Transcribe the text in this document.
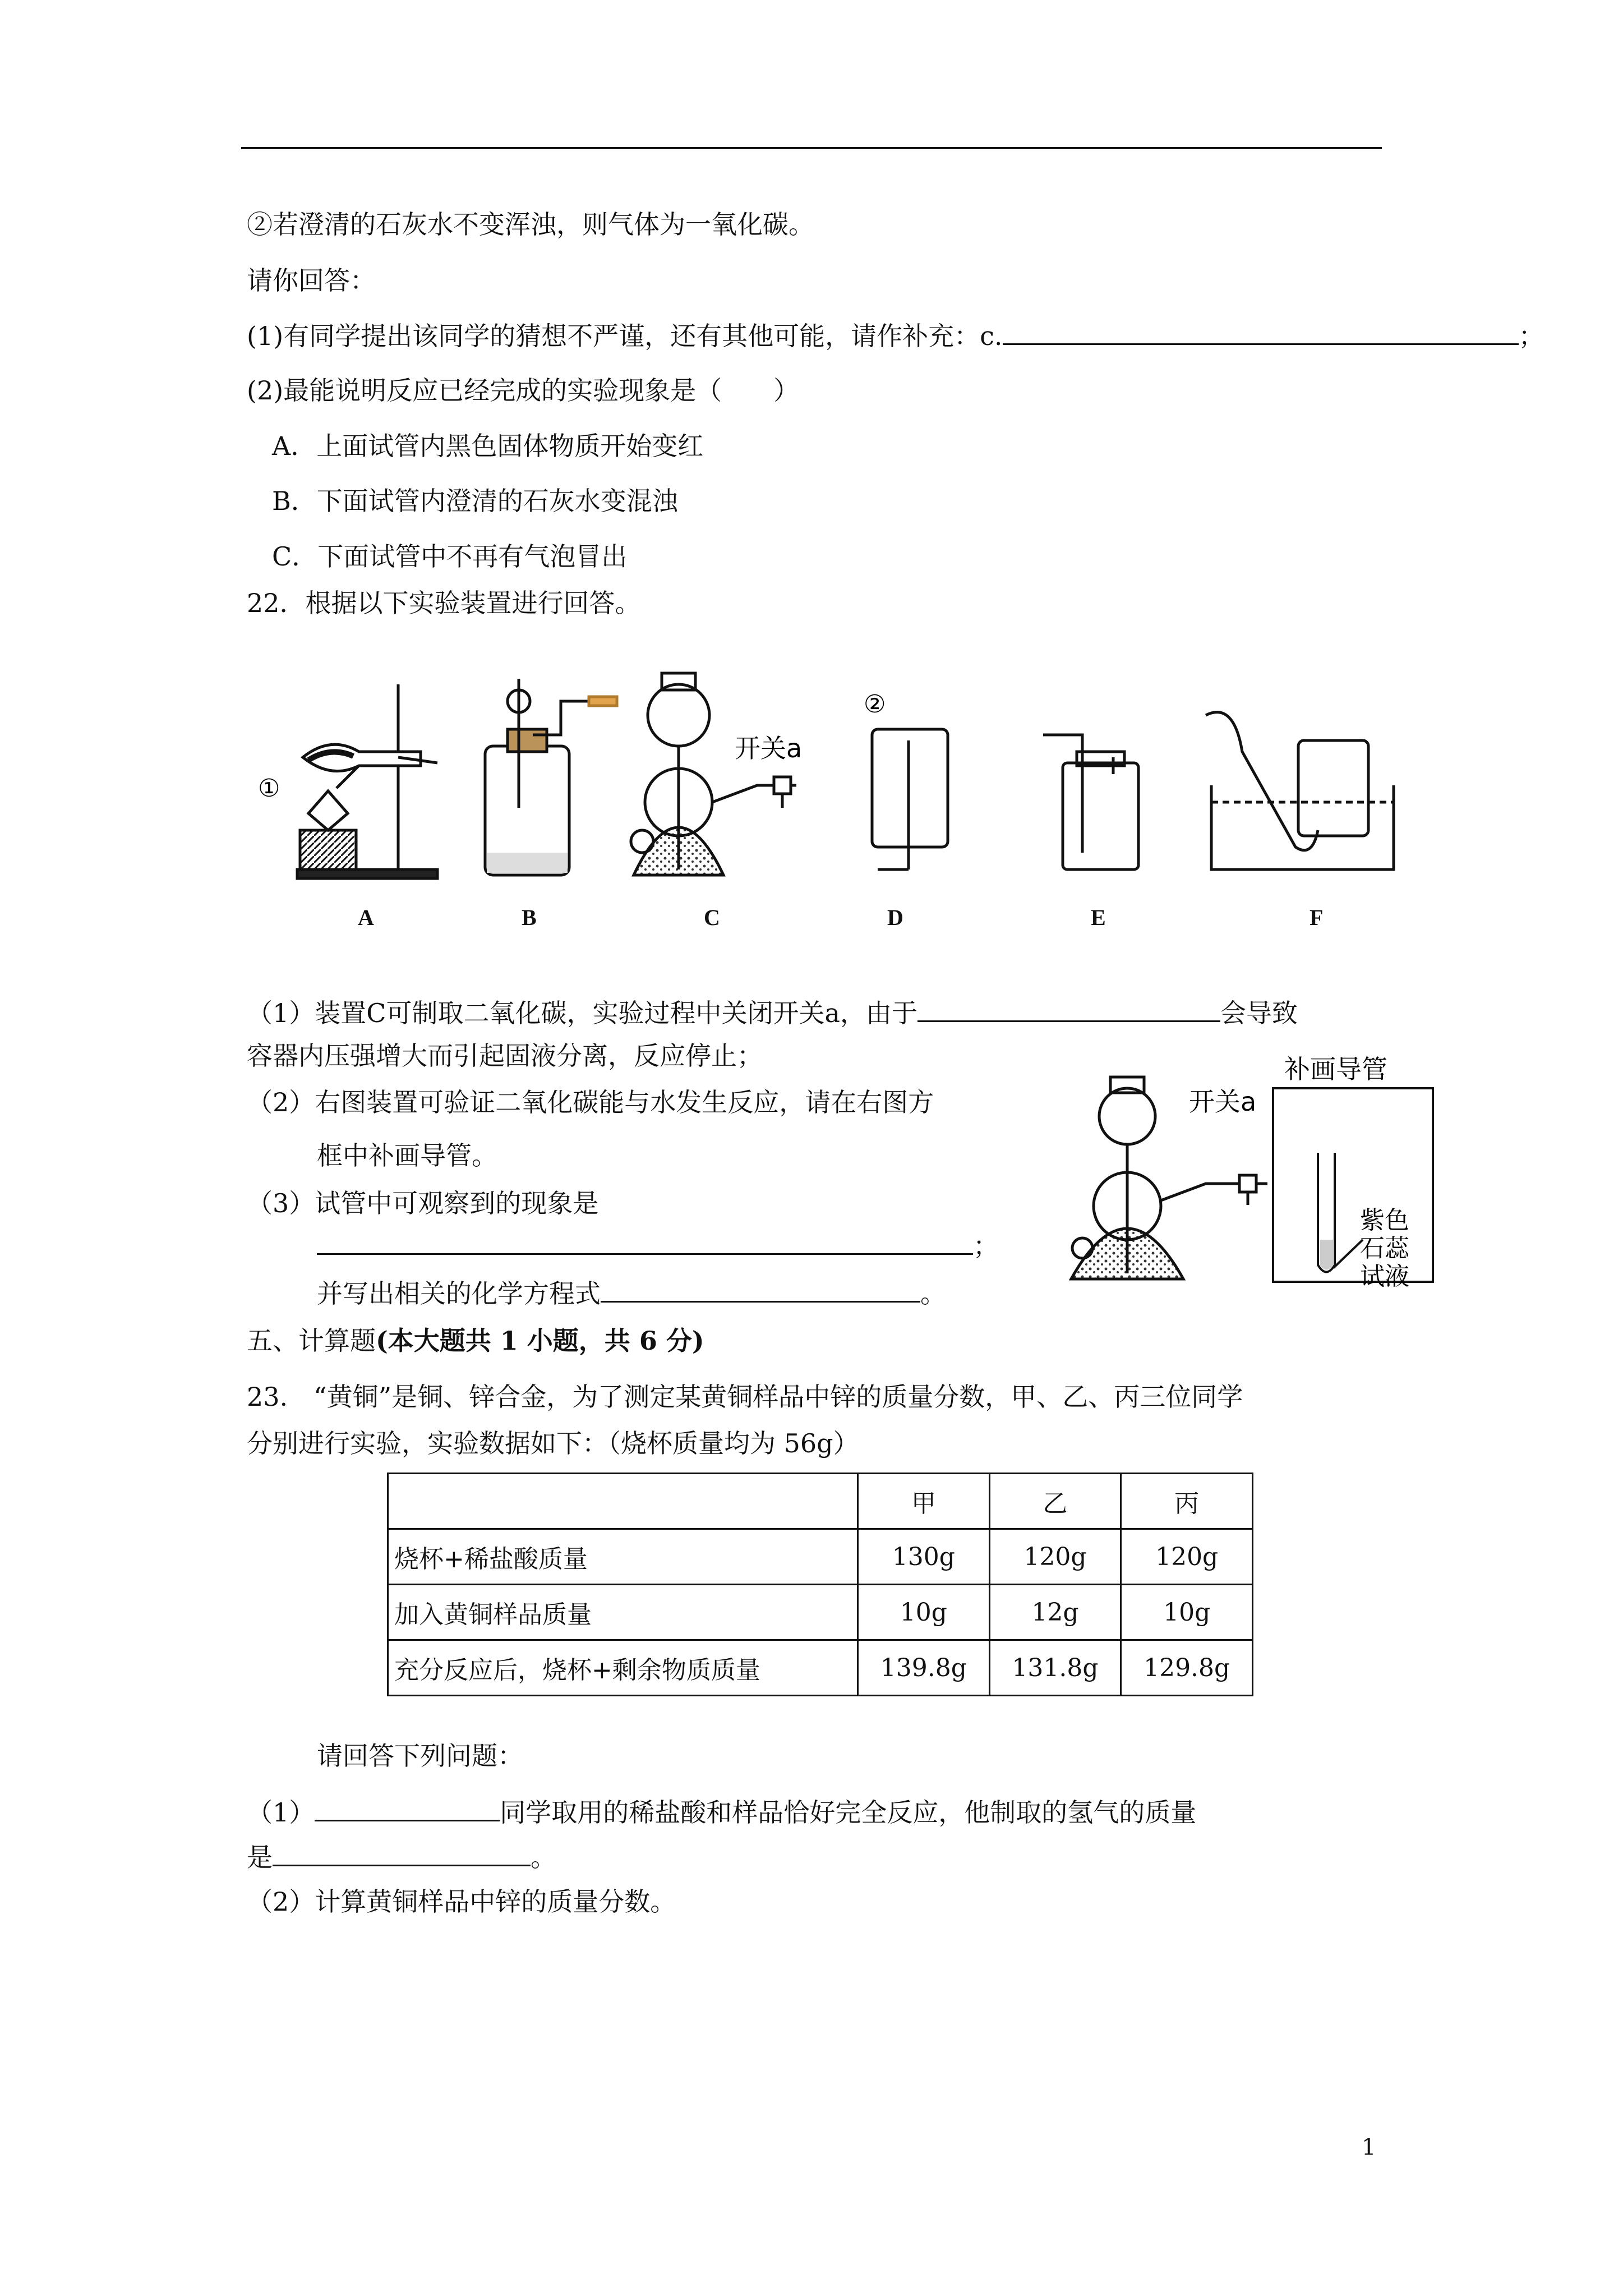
②若澄清的石灰水不变浑浊，则气体为一氧化碳。
请你回答：
(1)有同学提出该同学的猜想不严谨，还有其他可能，请作补充：c.	；
(2)最能说明反应已经完成的实验现象是（　　）
A．上面试管内黑色固体物质开始变红
B．下面试管内澄清的石灰水变混浊
C．下面试管中不再有气泡冒出
22．根据以下实验装置进行回答。
①
开关a
②
A	B	C	D	E	F
（1）装置C可制取二氧化碳，实验过程中关闭开关a，由于	会导致
容器内压强增大而引起固液分离，反应停止；
（2）右图装置可验证二氧化碳能与水发生反应，请在右图方
框中补画导管。
（3）试管中可观察到的现象是
；
并写出相关的化学方程式	。
补画导管
开关a
紫色
石蕊
试液
五、计算题(本大题共 1 小题，共 6 分)
23.　“黄铜”是铜、锌合金，为了测定某黄铜样品中锌的质量分数，甲、乙、丙三位同学
分别进行实验，实验数据如下：（烧杯质量均为 56g）
	甲	乙	丙
烧杯+稀盐酸质量	130g	120g	120g
加入黄铜样品质量	10g	12g	10g
充分反应后，烧杯+剩余物质质量	139.8g	131.8g	129.8g
请回答下列问题：
（1）	同学取用的稀盐酸和样品恰好完全反应，他制取的氢气的质量
是	。
（2）计算黄铜样品中锌的质量分数。
1
